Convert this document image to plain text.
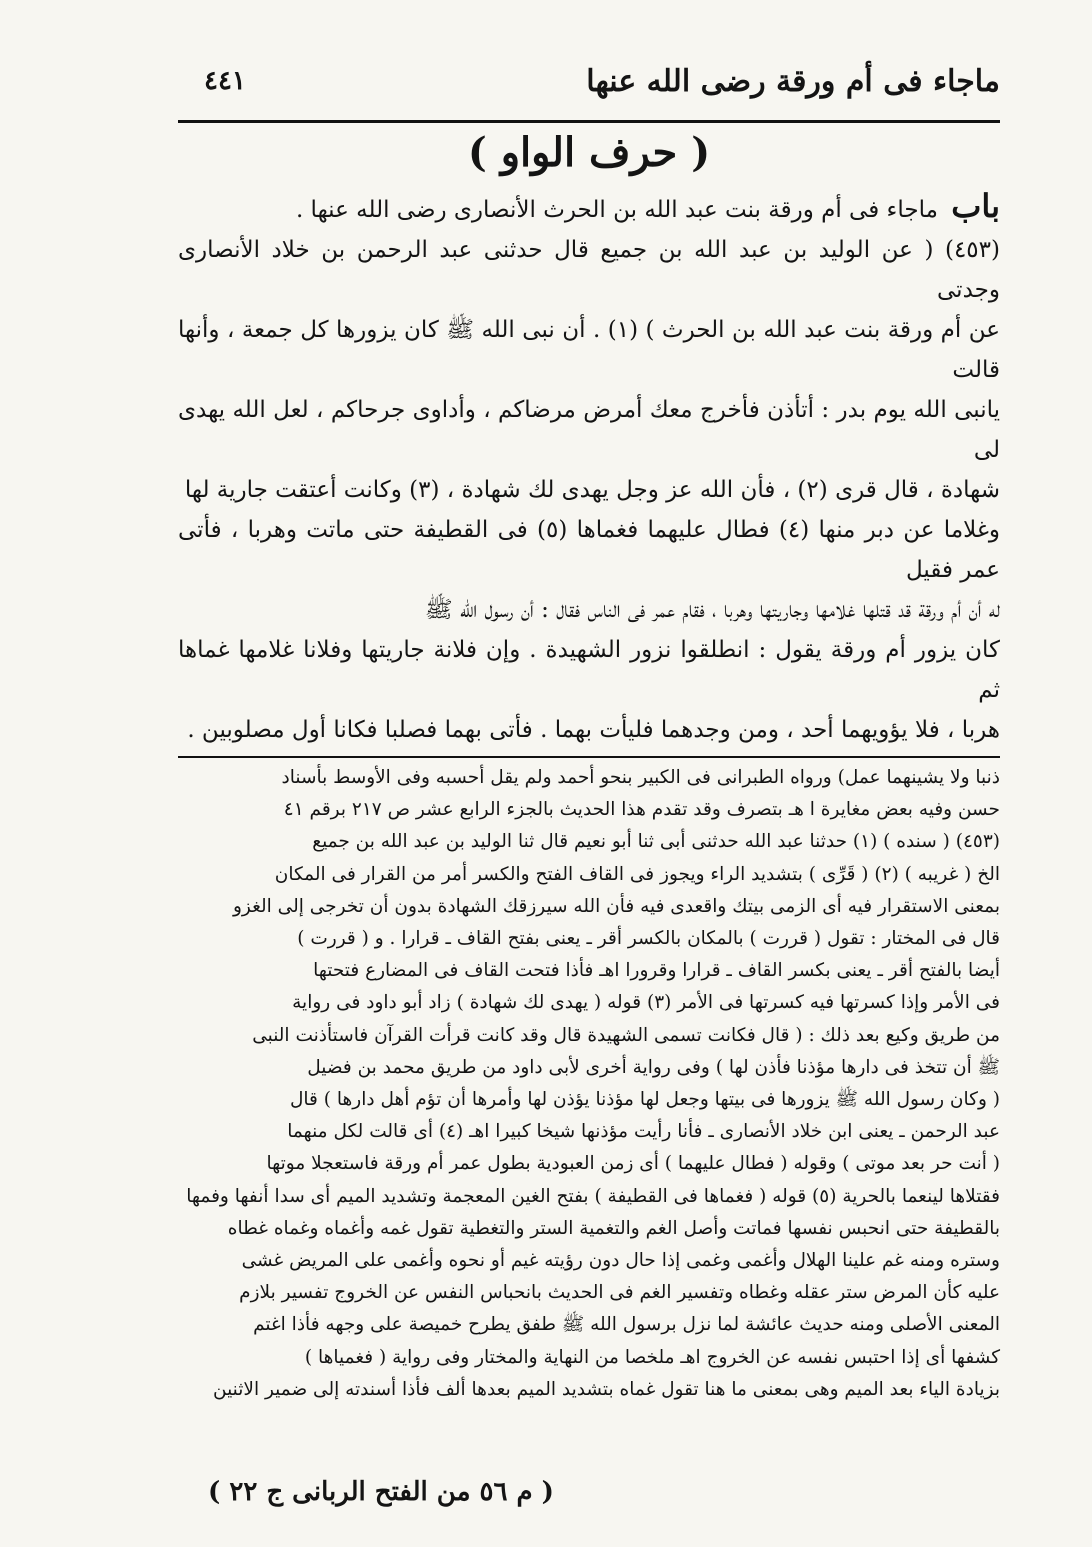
ماجاء فى أم ورقة رضى الله عنها
٤٤١
( حرف الواو )
باب ماجاء فى أم ورقة بنت عبد الله بن الحرث الأنصارى رضى الله عنها .

(٤٥٣) ( عن الوليد بن عبد الله بن جميع قال حدثنى عبد الرحمن بن خلاد الأنصارى وجدتى

عن أم ورقة بنت عبد الله بن الحرث ) (١) . أن نبى الله ﷺ كان يزورها كل جمعة ، وأنها قالت

يانبى الله يوم بدر : أتأذن فأخرج معك أمرض مرضاكم ، وأداوى جرحاكم ، لعل الله يهدى لى

شهادة ، قال قرى (٢) ، فأن الله عز وجل يهدى لك شهادة ، (٣) وكانت أعتقت جارية لها

وغلاما عن دبر منها (٤) فطال عليهما فغماها (٥) فى القطيفة حتى ماتت وهربا ، فأتى عمر فقيل

له أن أم ورقة قد قتلها غلامها وجاريتها وهربا ، فقام عمر فى الناس فقال : أن رسول الله ﷺ

كان يزور أم ورقة يقول : انطلقوا نزور الشهيدة . وإن فلانة جاريتها وفلانا غلامها غماها ثم

هربا ، فلا يؤويهما أحد ، ومن وجدهما فليأت بهما . فأتى بهما فصلبا فكانا أول مصلوبين .

ذنبا ولا يشينهما عمل) ورواه الطبرانى فى الكبير بنحو أحمد ولم يقل أحسبه وفى الأوسط بأسناد

حسن وفيه بعض مغايرة ا هـ بتصرف وقد تقدم هذا الحديث بالجزء الرابع عشر ص ٢١٧ برقم ٤١

(٤٥٣) ( سنده ) (١) حدثنا عبد الله حدثنى أبى ثنا أبو نعيم قال ثنا الوليد بن عبد الله بن جميع

الخ ( غريبه ) (٢) ( قَرِّى ) بتشديد الراء ويجوز فى القاف الفتح والكسر أمر من القرار فى المكان

بمعنى الاستقرار فيه أى الزمى بيتك واقعدى فيه فأن الله سيرزقك الشهادة بدون أن تخرجى إلى الغزو

قال فى المختار : تقول ( قررت ) بالمكان بالكسر أقر ـ يعنى بفتح القاف ـ قرارا . و ( قررت )

أيضا بالفتح أقر ـ يعنى بكسر القاف ـ قرارا وقرورا اهـ فأذا فتحت القاف فى المضارع فتحتها

فى الأمر وإذا كسرتها فيه كسرتها فى الأمر (٣) قوله ( يهدى لك شهادة ) زاد أبو داود فى رواية

من طريق وكيع بعد ذلك : ( قال فكانت تسمى الشهيدة قال وقد كانت قرأت القرآن فاستأذنت النبى

ﷺ أن تتخذ فى دارها مؤذنا فأذن لها ) وفى رواية أخرى لأبى داود من طريق محمد بن فضيل

( وكان رسول الله ﷺ يزورها فى بيتها وجعل لها مؤذنا يؤذن لها وأمرها أن تؤم أهل دارها ) قال

عبد الرحمن ـ يعنى ابن خلاد الأنصارى ـ فأنا رأيت مؤذنها شيخا كبيرا اهـ (٤) أى قالت لكل منهما

( أنت حر بعد موتى ) وقوله ( فطال عليهما ) أى زمن العبودية بطول عمر أم ورقة فاستعجلا موتها

فقتلاها لينعما بالحرية (٥) قوله ( فغماها فى القطيفة ) بفتح الغين المعجمة وتشديد الميم أى سدا أنفها وفمها

بالقطيفة حتى انحبس نفسها فماتت وأصل الغم والتغمية الستر والتغطية تقول غمه وأغماه وغماه غطاه

وستره ومنه غم علينا الهلال وأغمى وغمى إذا حال دون رؤيته غيم أو نحوه وأغمى على المريض غشى

عليه كأن المرض ستر عقله وغطاه وتفسير الغم فى الحديث بانحباس النفس عن الخروج تفسير بلازم

المعنى الأصلى ومنه حديث عائشة لما نزل برسول الله ﷺ طفق يطرح خميصة على وجهه فأذا اغتم

كشفها أى إذا احتبس نفسه عن الخروج اهـ ملخصا من النهاية والمختار وفى رواية ( فغمياها )

بزيادة الياء بعد الميم وهى بمعنى ما هنا تقول غماه بتشديد الميم بعدها ألف فأذا أسندته إلى ضمير الاثنين

( م ٥٦ من الفتح الربانى ج ٢٢ )
